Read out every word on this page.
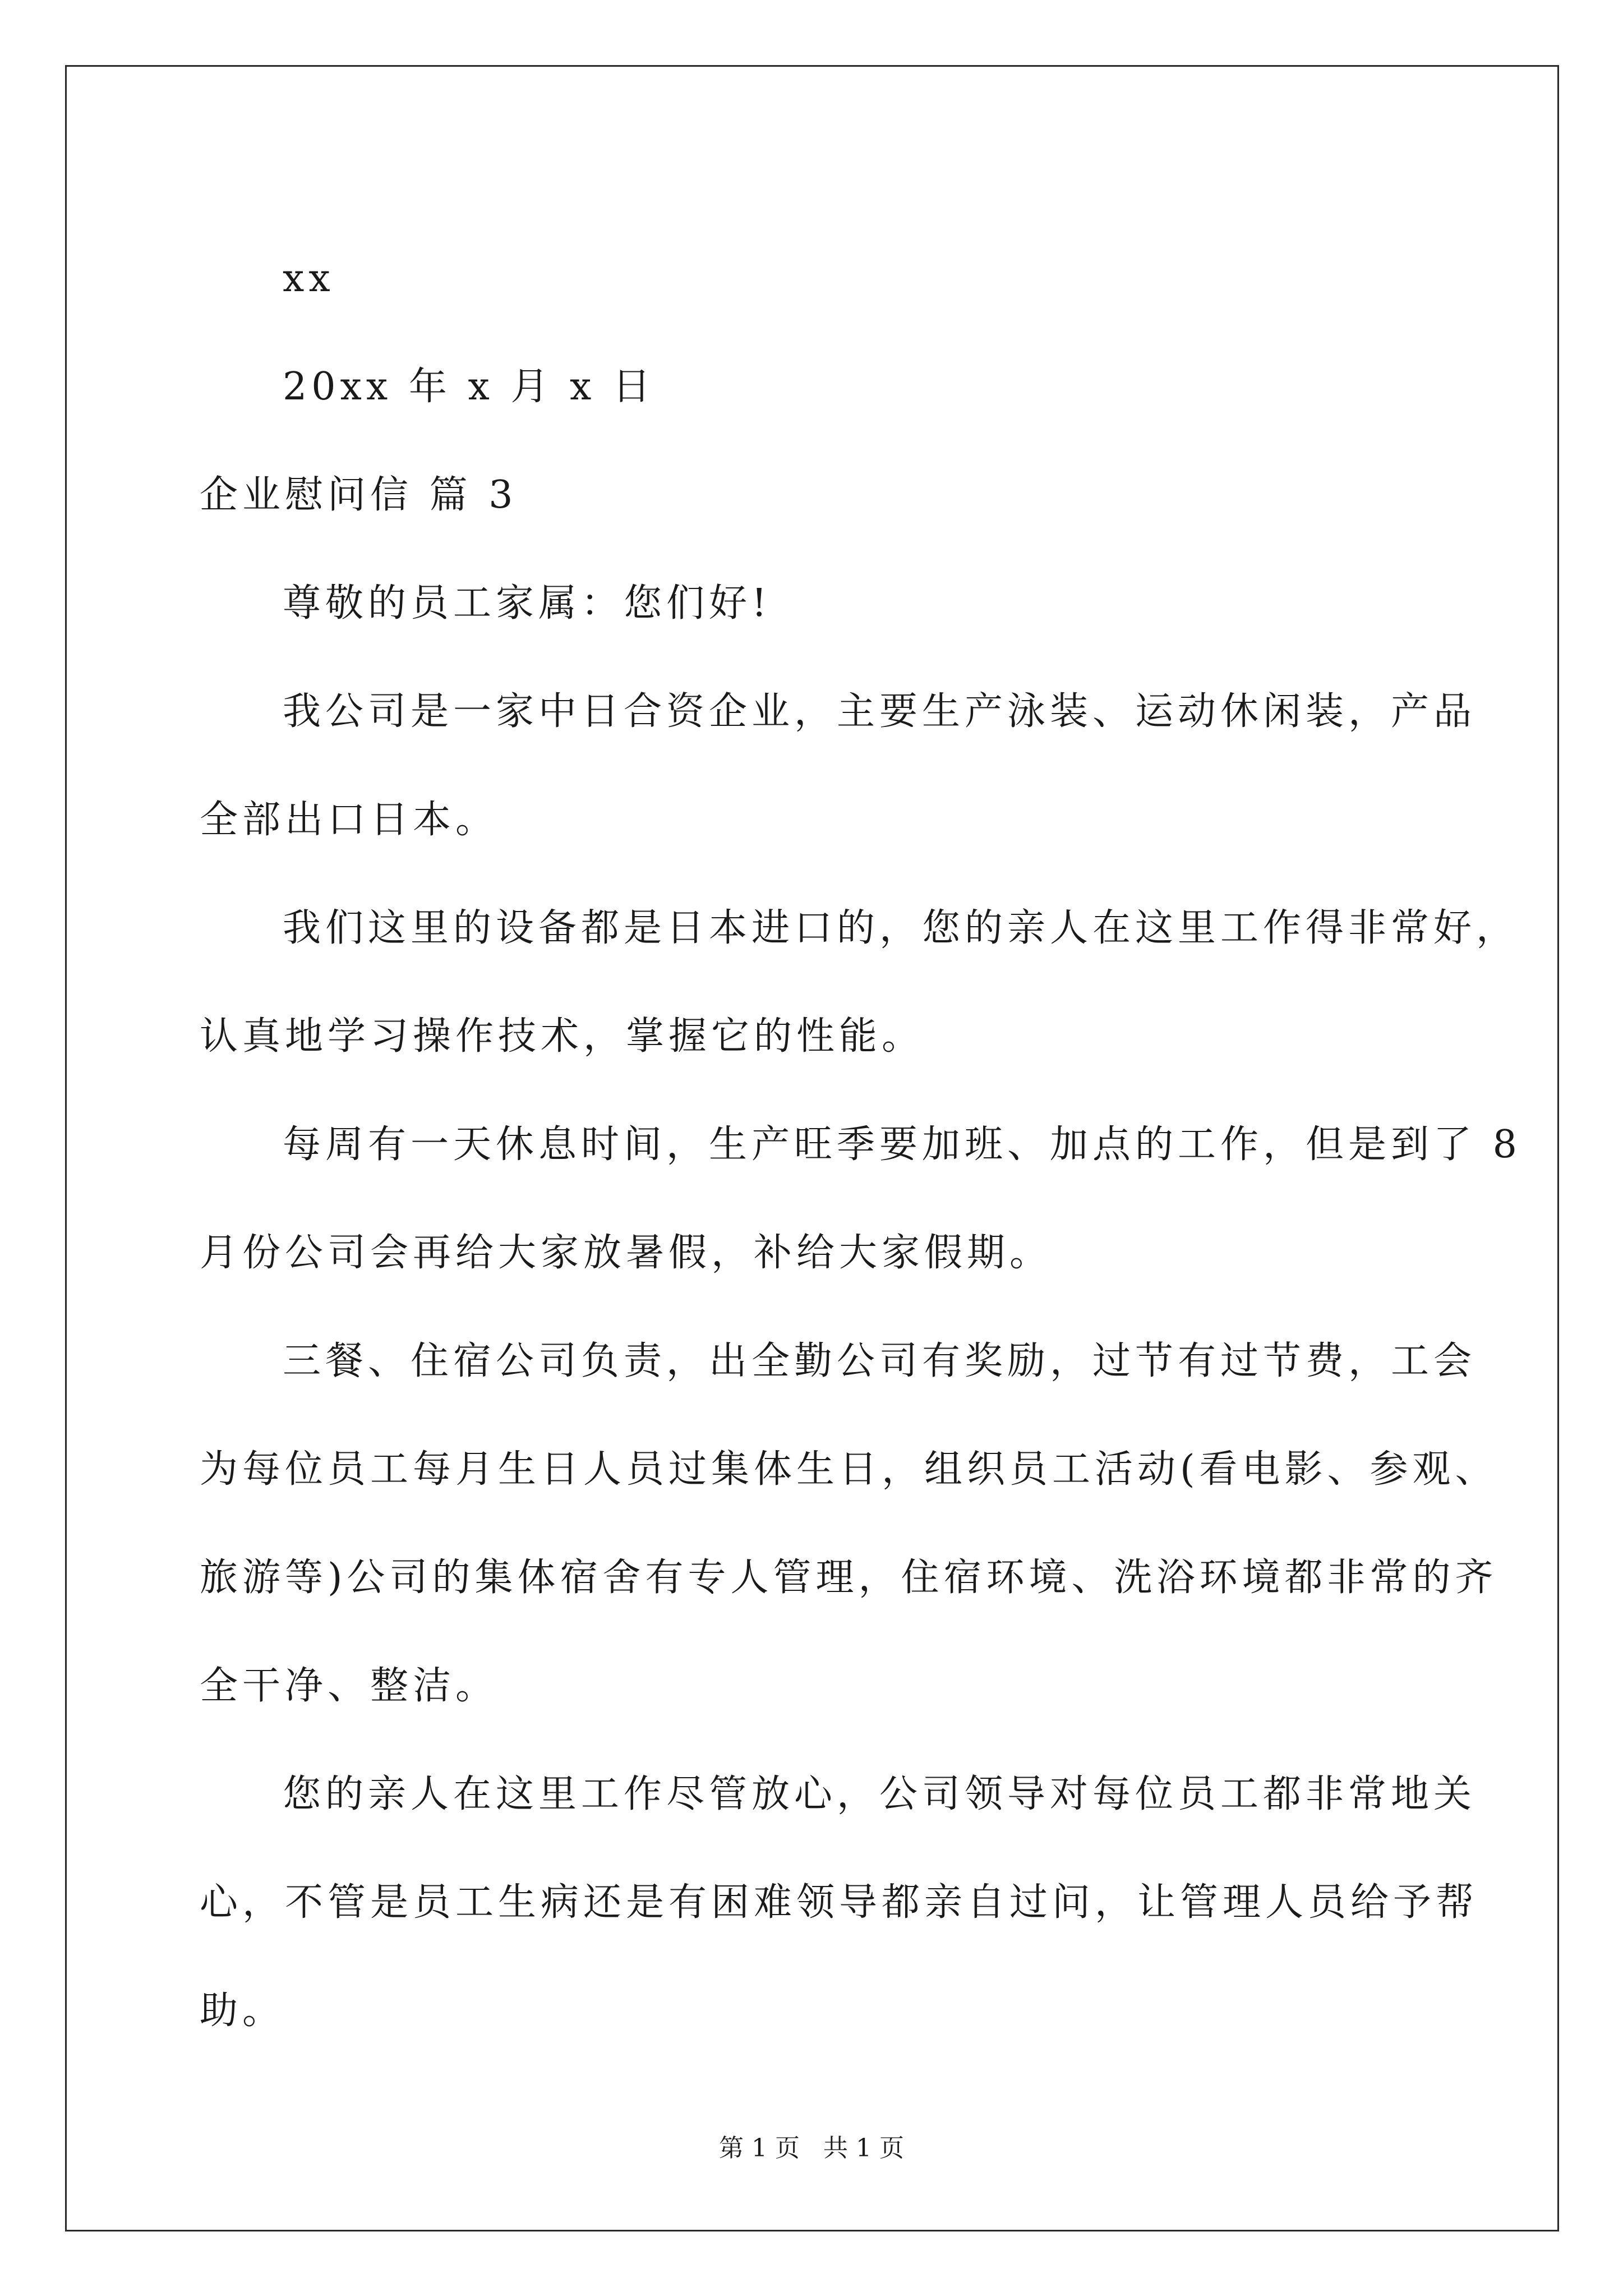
xx

20xx 年 x 月 x 日

企业慰问信 篇 3

尊敬的员工家属：您们好!

我公司是一家中日合资企业，主要生产泳装、运动休闲装，产品

全部出口日本。

我们这里的设备都是日本进口的，您的亲人在这里工作得非常好，

认真地学习操作技术，掌握它的性能。

每周有一天休息时间，生产旺季要加班、加点的工作，但是到了 8

月份公司会再给大家放暑假，补给大家假期。

三餐、住宿公司负责，出全勤公司有奖励，过节有过节费，工会

为每位员工每月生日人员过集体生日，组织员工活动(看电影、参观、

旅游等)公司的集体宿舍有专人管理，住宿环境、洗浴环境都非常的齐

全干净、整洁。

您的亲人在这里工作尽管放心，公司领导对每位员工都非常地关

心，不管是员工生病还是有困难领导都亲自过问，让管理人员给予帮

助。

第 1 页 共 1 页
